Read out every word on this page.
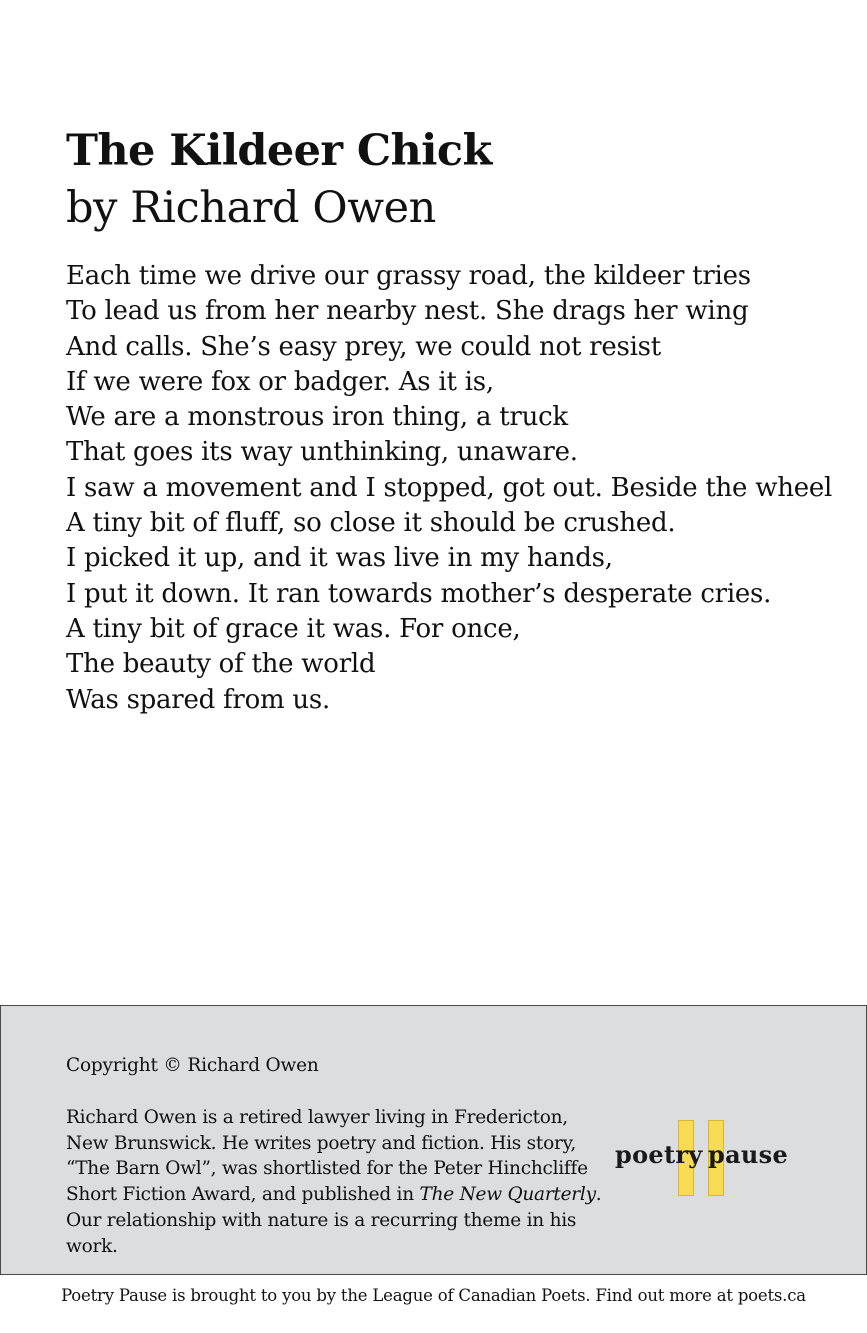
The Kildeer Chick
by Richard Owen
Each time we drive our grassy road, the kildeer tries
To lead us from her nearby nest. She drags her wing
And calls. She’s easy prey, we could not resist
If we were fox or badger. As it is,
We are a monstrous iron thing, a truck
That goes its way unthinking, unaware.
I saw a movement and I stopped, got out. Beside the wheel
A tiny bit of fluff, so close it should be crushed.
I picked it up, and it was live in my hands,
I put it down. It ran towards mother’s desperate cries.
A tiny bit of grace it was. For once,
The beauty of the world
Was spared from us.
Copyright © Richard Owen
Richard Owen is a retired lawyer living in Fredericton, New Brunswick. He writes poetry and fiction. His story, “The Barn Owl”, was shortlisted for the Peter Hinchcliffe Short Fiction Award, and published in The New Quarterly. Our relationship with nature is a recurring theme in his work.
poetry pause
Poetry Pause is brought to you by the League of Canadian Poets. Find out more at poets.ca
